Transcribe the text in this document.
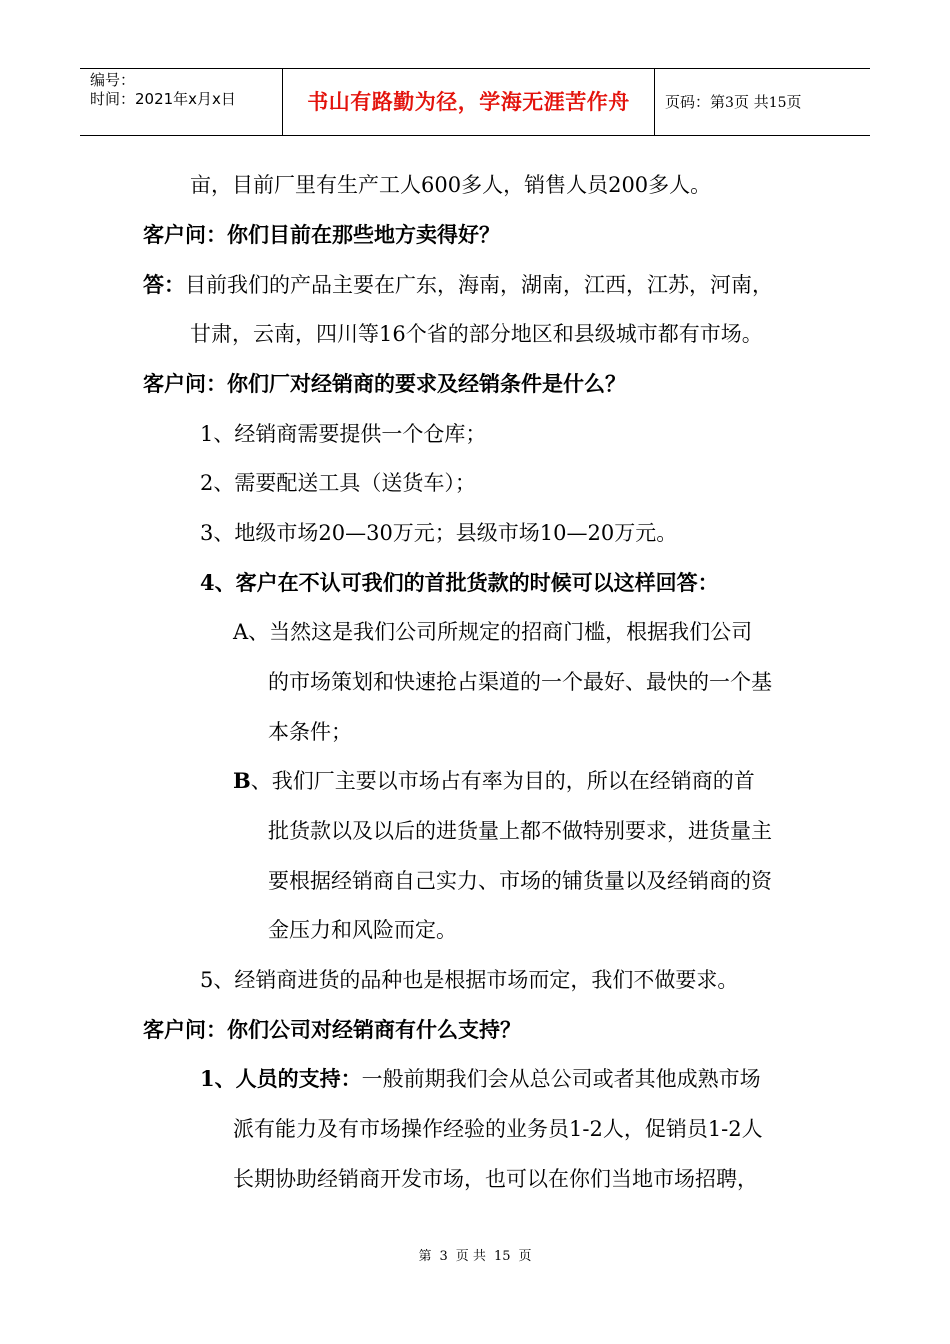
编号：
时间：2021年x月x日	书山有路勤为径，学海无涯苦作舟	页码：第3页 共15页
亩，目前厂里有生产工人600多人，销售人员200多人。
客户问：你们目前在那些地方卖得好？
答：目前我们的产品主要在广东，海南，湖南，江西，江苏，河南，
甘肃，云南，四川等16个省的部分地区和县级城市都有市场。
客户问：你们厂对经销商的要求及经销条件是什么？
1、经销商需要提供一个仓库；
2、需要配送工具（送货车）；
3、地级市场20—30万元；县级市场10—20万元。
4、客户在不认可我们的首批货款的时候可以这样回答：
A、当然这是我们公司所规定的招商门槛，根据我们公司
的市场策划和快速抢占渠道的一个最好、最快的一个基
本条件；
B、我们厂主要以市场占有率为目的，所以在经销商的首
批货款以及以后的进货量上都不做特别要求，进货量主
要根据经销商自己实力、市场的铺货量以及经销商的资
金压力和风险而定。
5、经销商进货的品种也是根据市场而定，我们不做要求。
客户问：你们公司对经销商有什么支持？
1、人员的支持：一般前期我们会从总公司或者其他成熟市场
派有能力及有市场操作经验的业务员1-2人，促销员1-2人
长期协助经销商开发市场，也可以在你们当地市场招聘，
第 3 页 共 15 页
